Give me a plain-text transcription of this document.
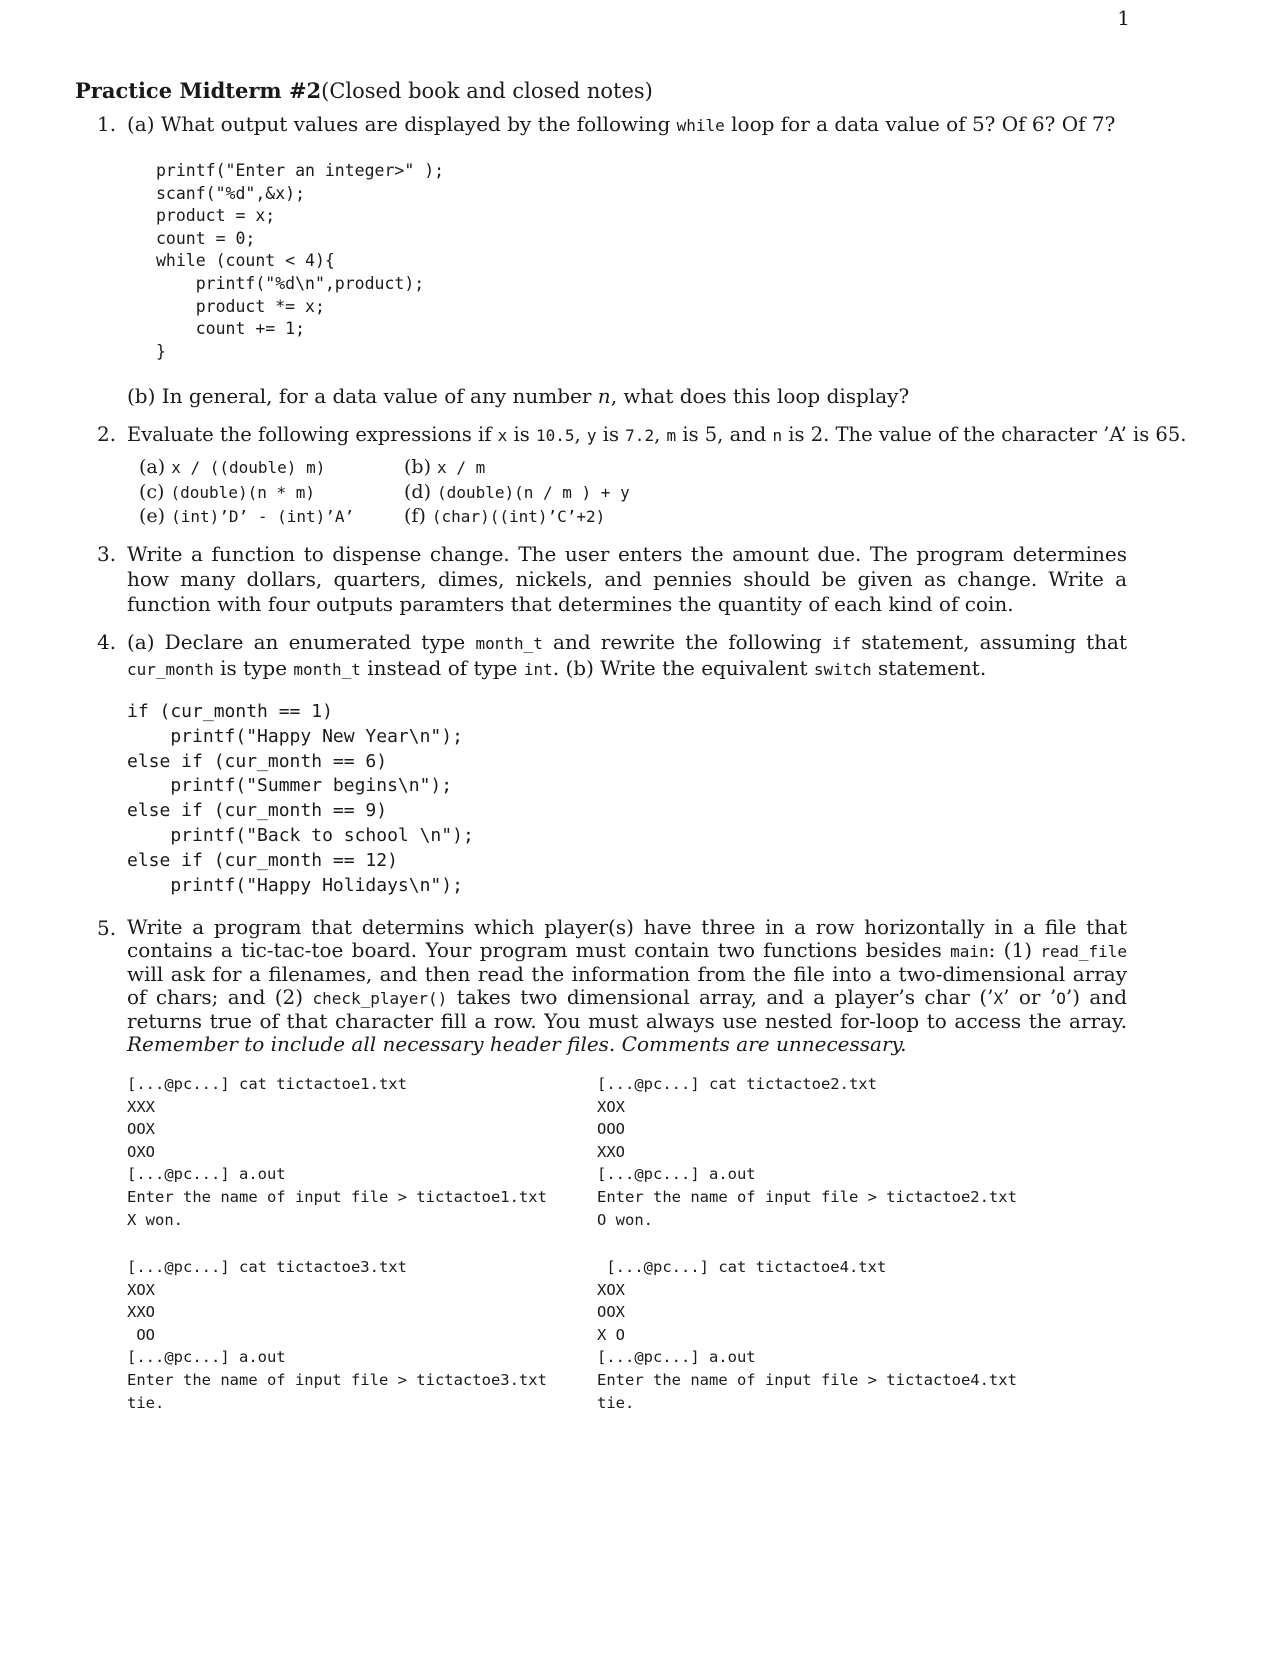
1
Practice Midterm #2(Closed book and closed notes)
1. (a) What output values are displayed by the following while loop for a data value of 5? Of 6? Of 7?
printf("Enter an integer>" );
scanf("%d",&x);
product = x;
count = 0;
while (count < 4){
printf("%d\n",product);
product *= x;
count += 1;
}
(b) In general, for a data value of any number n, what does this loop display?
2. Evaluate the following expressions if x is 10.5, y is 7.2, m is 5, and n is 2. The value of the character ’A’ is 65.
(a) x / ((double) m)	(b) x / m
(c) (double)(n * m)	(d) (double)(n / m ) + y
(e) (int)’D’ - (int)’A’	(f) (char)((int)’C’+2)
3. Write a function to dispense change. The user enters the amount due. The program determines how many dollars, quarters, dimes, nickels, and pennies should be given as change. Write a function with four outputs paramters that determines the quantity of each kind of coin.
4. (a) Declare an enumerated type month_t and rewrite the following if statement, assuming that cur_month is type month_t instead of type int. (b) Write the equivalent switch statement.
if (cur_month == 1)
printf("Happy New Year\n");
else if (cur_month == 6)
printf("Summer begins\n");
else if (cur_month == 9)
printf("Back to school \n");
else if (cur_month == 12)
printf("Happy Holidays\n");
5. Write a program that determins which player(s) have three in a row horizontally in a file that contains a tic-tac-toe board. Your program must contain two functions besides main: (1) read_file will ask for a filenames, and then read the information from the file into a two-dimensional array of chars; and (2) check_player() takes two dimensional array, and a player’s char (’X’ or ’O’) and returns true of that character fill a row. You must always use nested for-loop to access the array. Remember to include all necessary header files. Comments are unnecessary.
[...@pc...] cat tictactoe1.txt
XXX
OOX
OXO
[...@pc...] a.out
Enter the name of input file > tictactoe1.txt
X won.
[...@pc...] cat tictactoe2.txt
XOX
OOO
XXO
[...@pc...] a.out
Enter the name of input file > tictactoe2.txt
O won.
[...@pc...] cat tictactoe3.txt
XOX
XXO
OO
[...@pc...] a.out
Enter the name of input file > tictactoe3.txt
tie.
[...@pc...] cat tictactoe4.txt
XOX
OOX
X O
[...@pc...] a.out
Enter the name of input file > tictactoe4.txt
tie.
